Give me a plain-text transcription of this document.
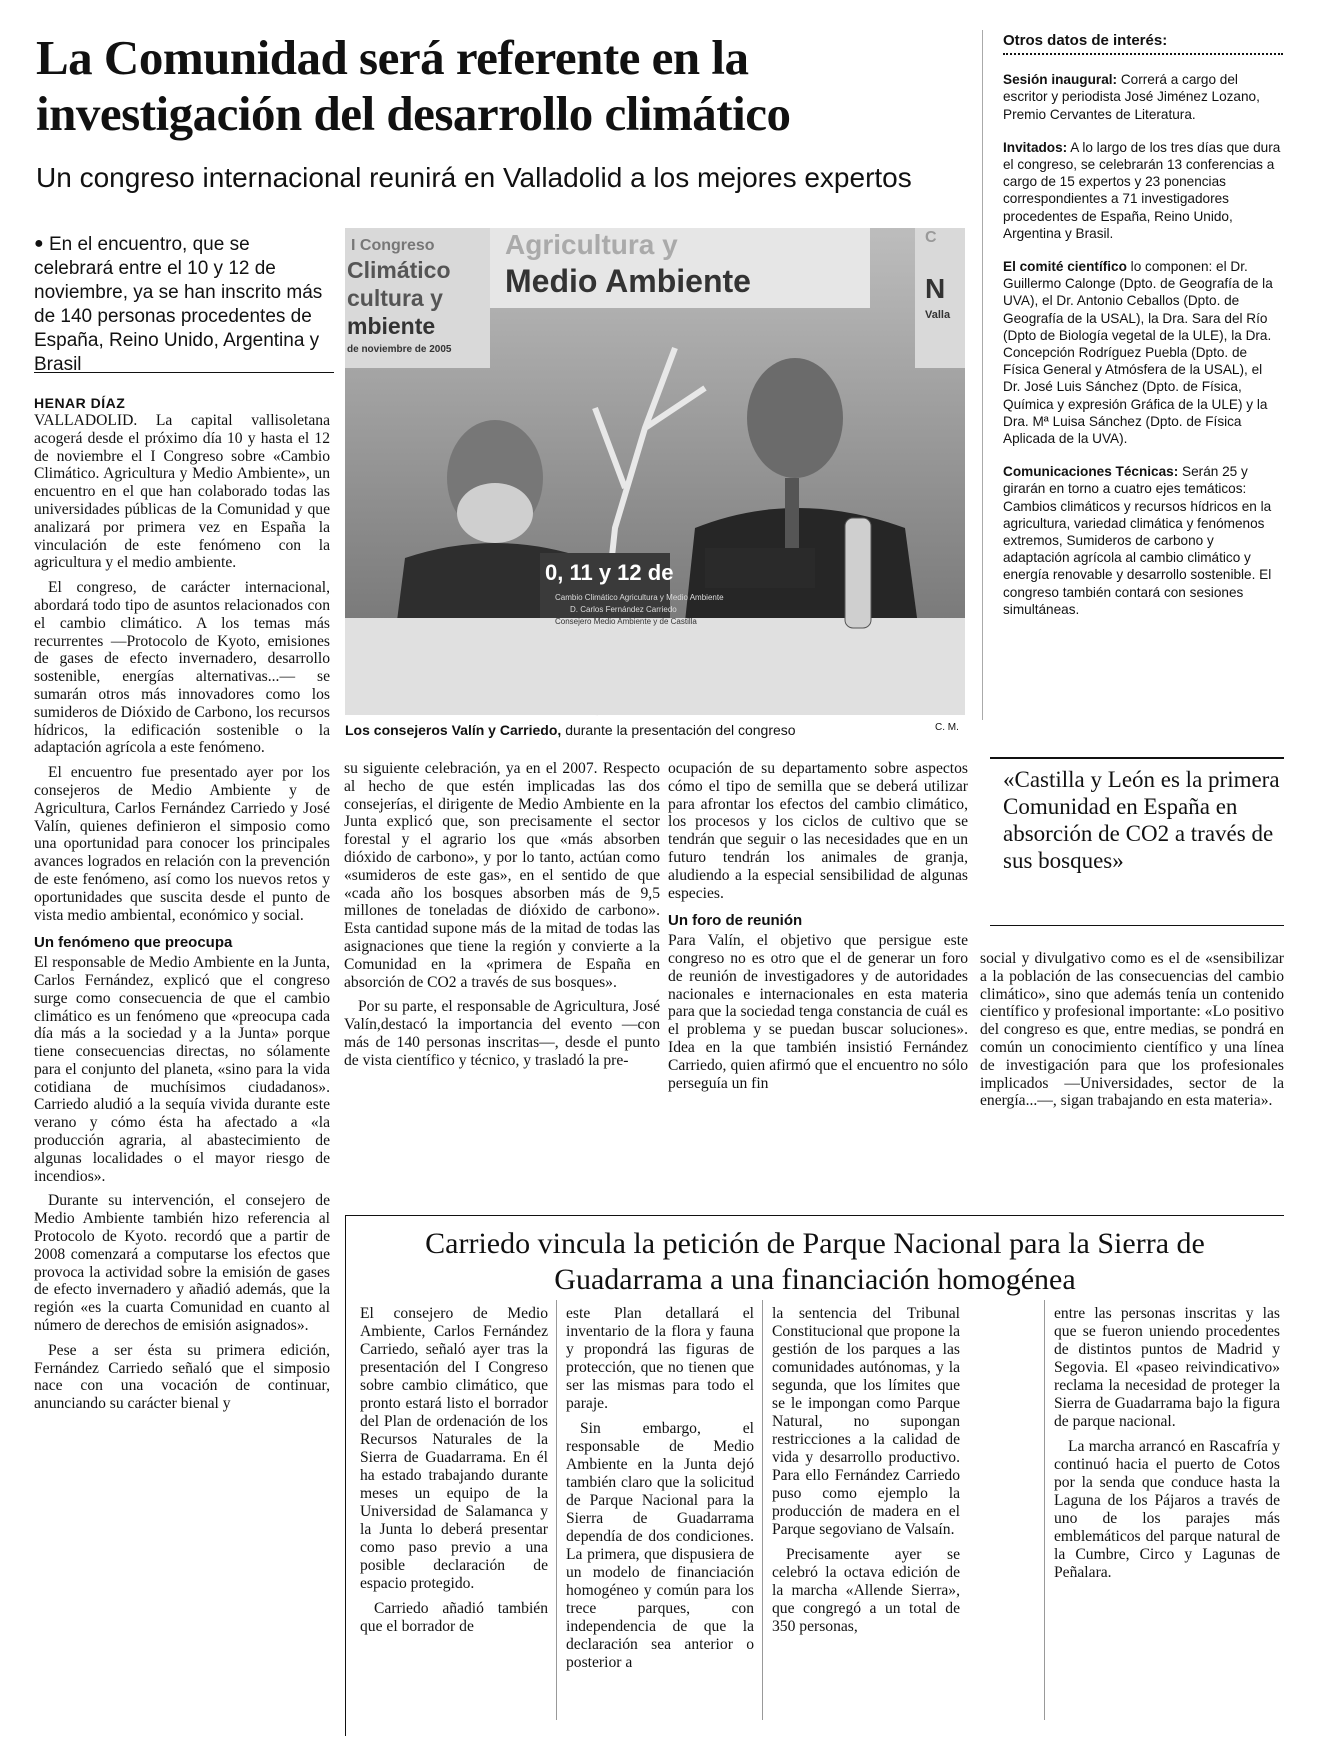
La Comunidad será referente en la investigación del desarrollo climático
Un congreso internacional reunirá en Valladolid a los mejores expertos
● En el encuentro, que se celebrará entre el 10 y 12 de noviembre, ya se han inscrito más de 140 personas procedentes de España, Reino Unido, Argentina y Brasil
HENAR DÍAZ

VALLADOLID. La capital vallisoletana acogerá desde el próximo día 10 y hasta el 12 de noviembre el I Congreso sobre «Cambio Climático. Agricultura y Medio Ambiente», un encuentro en el que han colaborado todas las universidades públicas de la Comunidad y que analizará por primera vez en España la vinculación de este fenómeno con la agricultura y el medio ambiente.

El congreso, de carácter internacional, abordará todo tipo de asuntos relacionados con el cambio climático. A los temas más recurrentes —Protocolo de Kyoto, emisiones de gases de efecto invernadero, desarrollo sostenible, energías alternativas...— se sumarán otros más innovadores como los sumideros de Dióxido de Carbono, los recursos hídricos, la edificación sostenible o la adaptación agrícola a este fenómeno.

El encuentro fue presentado ayer por los consejeros de Medio Ambiente y de Agricultura, Carlos Fernández Carriedo y José Valín, quienes definieron el simposio como una oportunidad para conocer los principales avances logrados en relación con la prevención de este fenómeno, así como los nuevos retos y oportunidades que suscita desde el punto de vista medio ambiental, económico y social.

Un fenómeno que preocupa

El responsable de Medio Ambiente en la Junta, Carlos Fernández, explicó que el congreso surge como consecuencia de que el cambio climático es un fenómeno que «preocupa cada día más a la sociedad y a la Junta» porque tiene consecuencias directas, no sólamente para el conjunto del planeta, «sino para la vida cotidiana de muchísimos ciudadanos». Carriedo aludió a la sequía vivida durante este verano y cómo ésta ha afectado a «la producción agraria, al abastecimiento de algunas localidades o el mayor riesgo de incendios».

Durante su intervención, el consejero de Medio Ambiente también hizo referencia al Protocolo de Kyoto. recordó que a partir de 2008 comenzará a computarse los efectos que provoca la actividad sobre la emisión de gases de efecto invernadero y añadió además, que la región «es la cuarta Comunidad en cuanto al número de derechos de emisión asignados».

Pese a ser ésta su primera edición, Fernández Carriedo señaló que el simposio nace con una vocación de continuar, anunciando su carácter bienal y

I Congreso
Climático
cultura y
mbiente
de noviembre de 2005
Agricultura y
Medio Ambiente
C
N
Valla
0, 11 y 12 de
Cambio Climático Agricultura y Medio Ambiente
D. Carlos Fernández Carriedo
Consejero Medio Ambiente y de Castilla
Los consejeros Valín y Carriedo, durante la presentación del congreso	C. M.

su siguiente celebración, ya en el 2007. Respecto al hecho de que estén implicadas las dos consejerías, el dirigente de Medio Ambiente en la Junta explicó que, son precisamente el sector forestal y el agrario los que «más absorben dióxido de carbono», y por lo tanto, actúan como «sumideros de este gas», en el sentido de que «cada año los bosques absorben más de 9,5 millones de toneladas de dióxido de carbono». Esta cantidad supone más de la mitad de todas las asignaciones que tiene la región y convierte a la Comunidad en la «primera de España en absorción de CO2 a través de sus bosques».

Por su parte, el responsable de Agricultura, José Valín,destacó la importancia del evento —con más de 140 personas inscritas—, desde el punto de vista científico y técnico, y trasladó la pre-

ocupación de su departamento sobre aspectos cómo el tipo de semilla que se deberá utilizar para afrontar los efectos del cambio climático, los procesos y los ciclos de cultivo que se tendrán que seguir o las necesidades que en un futuro tendrán los animales de granja, aludiendo a la especial sensibilidad de algunas especies.

Un foro de reunión

Para Valín, el objetivo que persigue este congreso no es otro que el de generar un foro de reunión de investigadores y de autoridades nacionales e internacionales en esta materia para que la sociedad tenga constancia de cuál es el problema y se puedan buscar soluciones». Idea en la que también insistió Fernández Carriedo, quien afirmó que el encuentro no sólo perseguía un fin

social y divulgativo como es el de «sensibilizar a la población de las consecuencias del cambio climático», sino que además tenía un contenido científico y profesional importante: «Lo positivo del congreso es que, entre medias, se pondrá en común un conocimiento científico y una línea de investigación para que los profesionales implicados —Universidades, sector de la energía...—, sigan trabajando en esta materia».

Otros datos de interés:
Sesión inaugural: Correrá a cargo del escritor y periodista José Jiménez Lozano, Premio Cervantes de Literatura.
Invitados: A lo largo de los tres días que dura el congreso, se celebrarán 13 conferencias a cargo de 15 expertos y 23 ponencias correspondientes a 71 investigadores procedentes de España, Reino Unido, Argentina y Brasil.
El comité científico lo componen: el Dr. Guillermo Calonge (Dpto. de Geografía de la UVA), el Dr. Antonio Ceballos (Dpto. de Geografía de la USAL), la Dra. Sara del Río (Dpto de Biología vegetal de la ULE), la Dra. Concepción Rodríguez Puebla (Dpto. de Física General y Atmósfera de la USAL), el Dr. José Luis Sánchez (Dpto. de Física, Química y expresión Gráfica de la ULE) y la Dra. Mª Luisa Sánchez (Dpto. de Física Aplicada de la UVA).
Comunicaciones Técnicas: Serán 25 y girarán en torno a cuatro ejes temáticos: Cambios climáticos y recursos hídricos en la agricultura, variedad climática y fenómenos extremos, Sumideros de carbono y adaptación agrícola al cambio climático y energía renovable y desarrollo sostenible. El congreso también contará con sesiones simultáneas.
«Castilla y León es la primera Comunidad en España en absorción de CO2 a través de sus bosques»
Carriedo vincula la petición de Parque Nacional para la Sierra de Guadarrama a una financiación homogénea

El consejero de Medio Ambiente, Carlos Fernández Carriedo, señaló ayer tras la presentación del I Congreso sobre cambio climático, que pronto estará listo el borrador del Plan de ordenación de los Recursos Naturales de la Sierra de Guadarrama. En él ha estado trabajando durante meses un equipo de la Universidad de Salamanca y la Junta lo deberá presentar como paso previo a una posible declaración de espacio protegido.

Carriedo añadió también que el borrador de

este Plan detallará el inventario de la flora y fauna y propondrá las figuras de protección, que no tienen que ser las mismas para todo el paraje.

Sin embargo, el responsable de Medio Ambiente en la Junta dejó también claro que la solicitud de Parque Nacional para la Sierra de Guadarrama dependía de dos condiciones. La primera, que dispusiera de un modelo de financiación homogéneo y común para los trece parques, con independencia de que la declaración sea anterior o posterior a

la sentencia del Tribunal Constitucional que propone la gestión de los parques a las comunidades autónomas, y la segunda, que los límites que se le impongan como Parque Natural, no supongan restricciones a la calidad de vida y desarrollo productivo. Para ello Fernández Carriedo puso como ejemplo la producción de madera en el Parque segoviano de Valsaín.

Precisamente ayer se celebró la octava edición de la marcha «Allende Sierra», que congregó a un total de 350 personas,

entre las personas inscritas y las que se fueron uniendo procedentes de distintos puntos de Madrid y Segovia. El «paseo reivindicativo» reclama la necesidad de proteger la Sierra de Guadarrama bajo la figura de parque nacional.

La marcha arrancó en Rascafría y continuó hacia el puerto de Cotos por la senda que conduce hasta la Laguna de los Pájaros a través de uno de los parajes más emblemáticos del parque natural de la Cumbre, Circo y Lagunas de Peñalara.
